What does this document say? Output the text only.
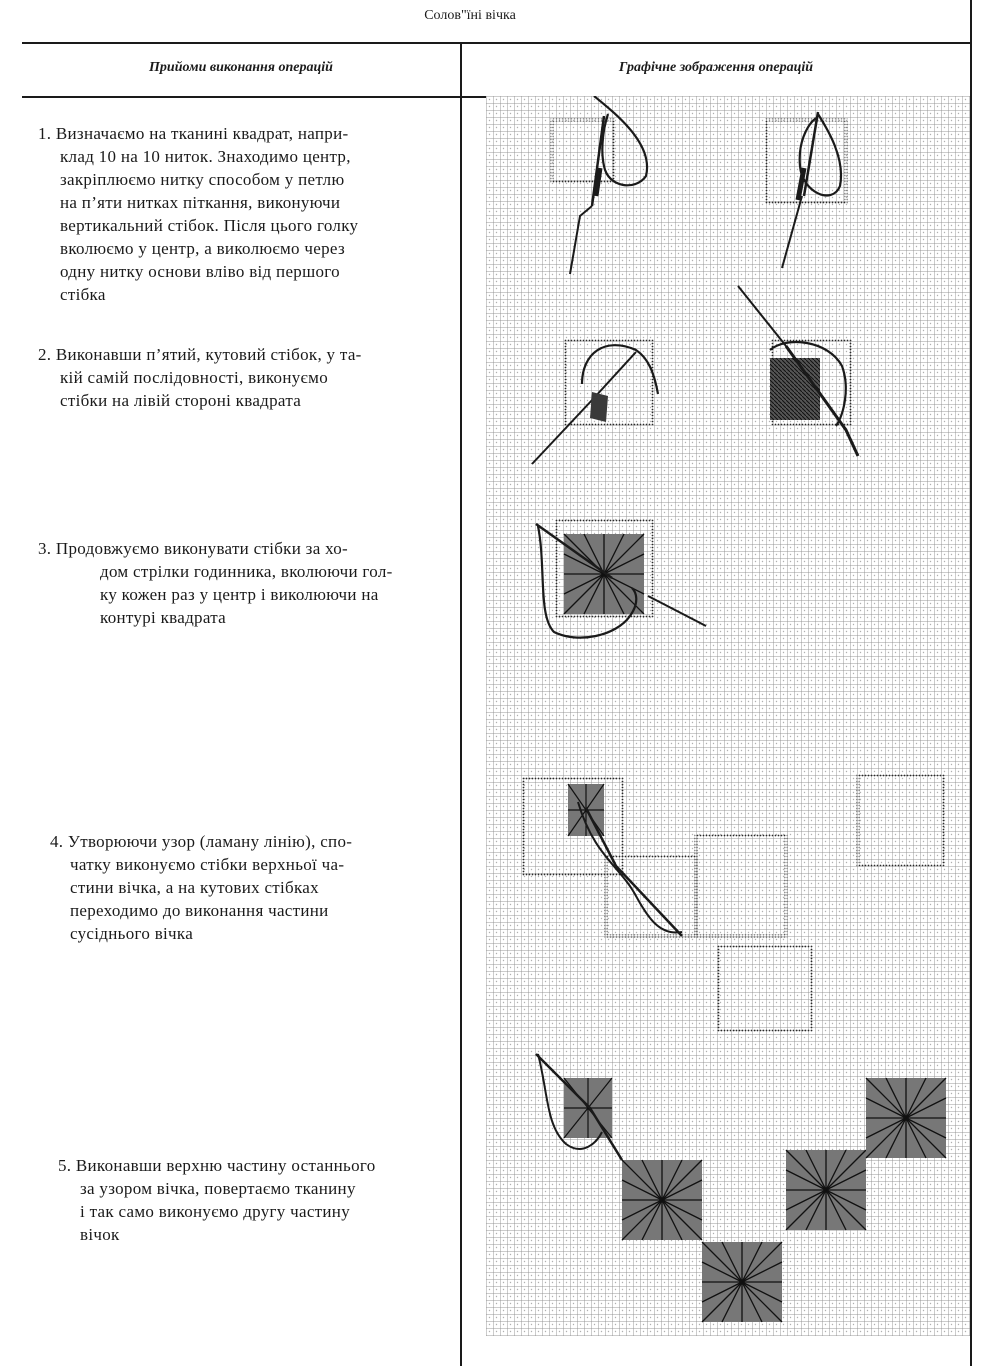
Солов"їні вічка
Прийоми виконання операцій	Графічне зображення операцій
1. Визначаємо на тканині квадрат, напри-
клад 10 на 10 ниток. Знаходимо центр,
закріплюємо нитку способом у петлю
на п’яти нитках піткання, виконуючи
вертикальний стібок. Після цього голку
вколюємо у центр, а виколюємо через
одну нитку основи вліво від першого
стібка
2. Виконавши п’ятий, кутовий стібок, у та-
кій самій послідовності, виконуємо
стібки на лівій стороні квадрата
3. Продовжуємо виконувати стібки за хо-
дом стрілки годинника, вколюючи гол-
ку кожен раз у центр і виколюючи на
контурі квадрата
4. Утворюючи узор (ламану лінію), спо-
чатку виконуємо стібки верхньої ча-
стини вічка, а на кутових стібках
переходимо до виконання частини
сусіднього вічка
5. Виконавши верхню частину останнього
за узором вічка, повертаємо тканину
і так само виконуємо другу частину
вічок
